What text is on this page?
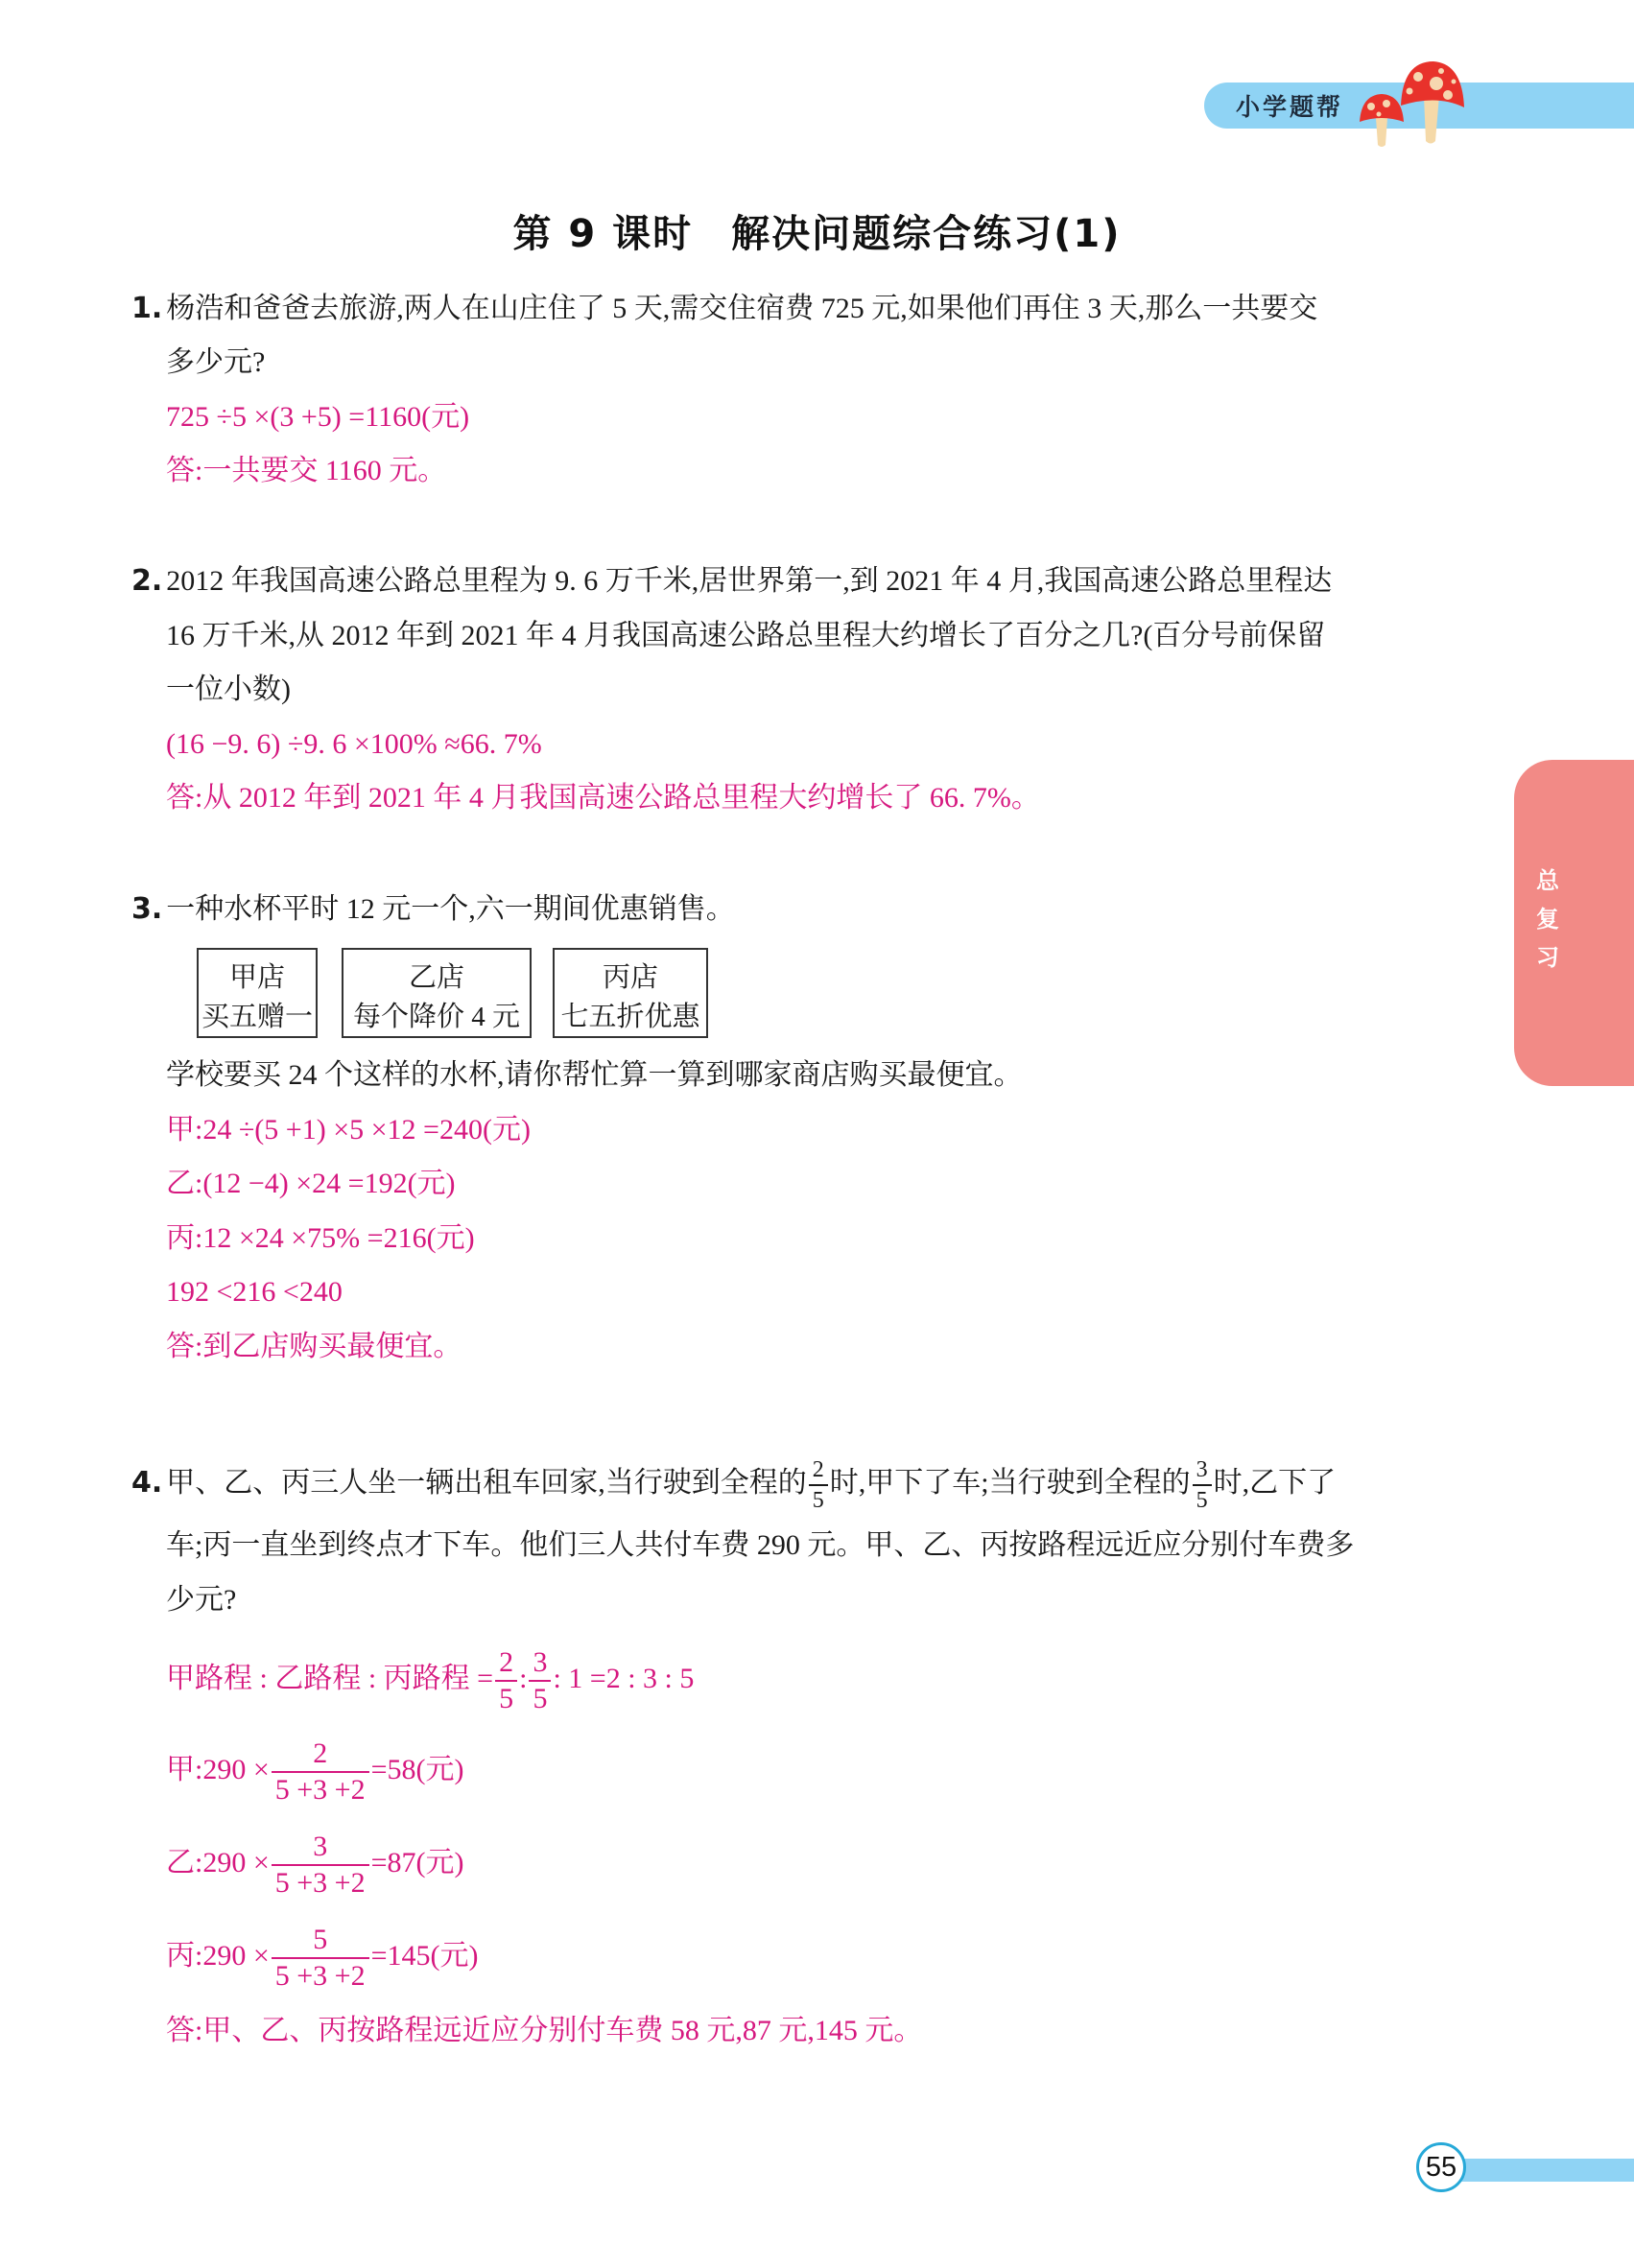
小学题帮
第 9 课时 解决问题综合练习(1)
总
复
习
1. 杨浩和爸爸去旅游,两人在山庄住了 5 天,需交住宿费 725 元,如果他们再住 3 天,那么一共要交
多少元?
725 ÷5 ×(3 +5) =1160(元)
答:一共要交 1160 元。
2. 2012 年我国高速公路总里程为 9. 6 万千米,居世界第一,到 2021 年 4 月,我国高速公路总里程达
16 万千米,从 2012 年到 2021 年 4 月我国高速公路总里程大约增长了百分之几?(百分号前保留
一位小数)
(16 −9. 6) ÷9. 6 ×100% ≈66. 7%
答:从 2012 年到 2021 年 4 月我国高速公路总里程大约增长了 66. 7%。
3. 一种水杯平时 12 元一个,六一期间优惠销售。
甲店
买五赠一
乙店
每个降价 4 元
丙店
七五折优惠
学校要买 24 个这样的水杯,请你帮忙算一算到哪家商店购买最便宜。
甲:24 ÷(5 +1) ×5 ×12 =240(元)
乙:(12 −4) ×24 =192(元)
丙:12 ×24 ×75% =216(元)
192 <216 <240
答:到乙店购买最便宜。
4. 甲、乙、丙三人坐一辆出租车回家,当行驶到全程的 $\frac{2}{5}$ 时,甲下了车;当行驶到全程的 $\frac{3}{5}$ 时,乙下了
车;丙一直坐到终点才下车。他们三人共付车费 290 元。甲、乙、丙按路程远近应分别付车费多
少元?
甲路程 : 乙路程 : 丙路程 = $\frac{2}{5}$ : $\frac{3}{5}$ : 1 =2 : 3 : 5
甲:290 × $\frac{2}{5 +3 +2} =58$(元)
乙:290 × $\frac{3}{5 +3 +2} =87$(元)
丙:290 × $\frac{5}{5 +3 +2} =145$(元)
答:甲、乙、丙按路程远近应分别付车费 58 元,87 元,145 元。
55
